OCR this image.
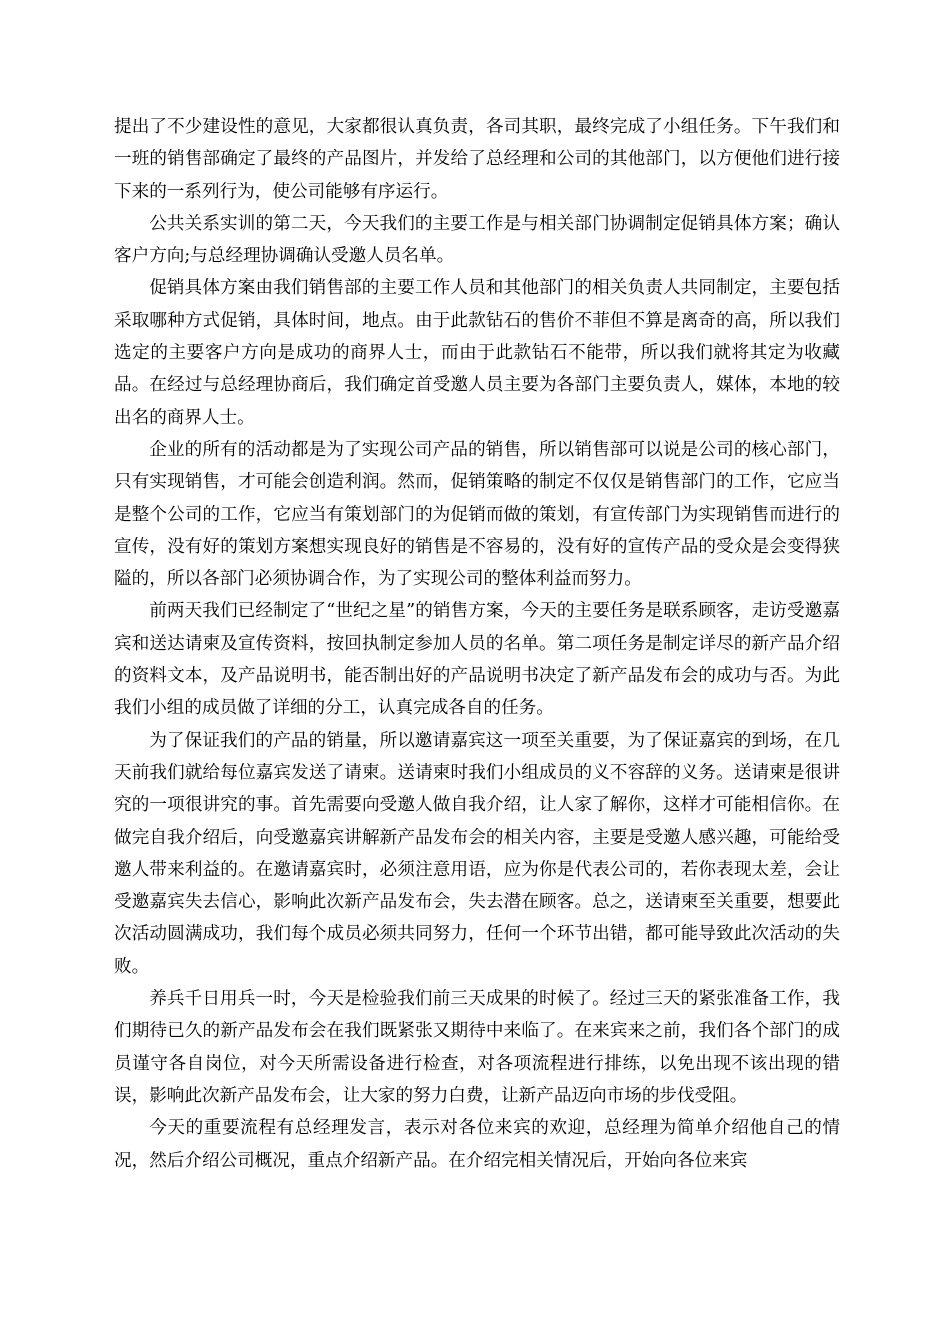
提出了不少建设性的意见，大家都很认真负责，各司其职，最终完成了小组任务。下午我们和一班的销售部确定了最终的产品图片，并发给了总经理和公司的其他部门，以方便他们进行接下来的一系列行为，使公司能够有序运行。

公共关系实训的第二天，今天我们的主要工作是与相关部门协调制定促销具体方案；确认客户方向;与总经理协调确认受邀人员名单。

促销具体方案由我们销售部的主要工作人员和其他部门的相关负责人共同制定，主要包括采取哪种方式促销，具体时间，地点。由于此款钻石的售价不菲但不算是离奇的高，所以我们选定的主要客户方向是成功的商界人士，而由于此款钻石不能带，所以我们就将其定为收藏品。在经过与总经理协商后，我们确定首受邀人员主要为各部门主要负责人，媒体，本地的较出名的商界人士。

企业的所有的活动都是为了实现公司产品的销售，所以销售部可以说是公司的核心部门，只有实现销售，才可能会创造利润。然而，促销策略的制定不仅仅是销售部门的工作，它应当是整个公司的工作，它应当有策划部门的为促销而做的策划，有宣传部门为实现销售而进行的宣传，没有好的策划方案想实现良好的销售是不容易的，没有好的宣传产品的受众是会变得狭隘的，所以各部门必须协调合作，为了实现公司的整体利益而努力。

前两天我们已经制定了“世纪之星”的销售方案，今天的主要任务是联系顾客，走访受邀嘉宾和送达请柬及宣传资料，按回执制定参加人员的名单。第二项任务是制定详尽的新产品介绍的资料文本，及产品说明书，能否制出好的产品说明书决定了新产品发布会的成功与否。为此我们小组的成员做了详细的分工，认真完成各自的任务。

为了保证我们的产品的销量，所以邀请嘉宾这一项至关重要，为了保证嘉宾的到场，在几天前我们就给每位嘉宾发送了请柬。送请柬时我们小组成员的义不容辞的义务。送请柬是很讲究的一项很讲究的事。首先需要向受邀人做自我介绍，让人家了解你，这样才可能相信你。在做完自我介绍后，向受邀嘉宾讲解新产品发布会的相关内容，主要是受邀人感兴趣，可能给受邀人带来利益的。在邀请嘉宾时，必须注意用语，应为你是代表公司的，若你表现太差，会让受邀嘉宾失去信心，影响此次新产品发布会，失去潜在顾客。总之，送请柬至关重要，想要此次活动圆满成功，我们每个成员必须共同努力，任何一个环节出错，都可能导致此次活动的失败。

养兵千日用兵一时，今天是检验我们前三天成果的时候了。经过三天的紧张准备工作，我们期待已久的新产品发布会在我们既紧张又期待中来临了。在来宾来之前，我们各个部门的成员谨守各自岗位，对今天所需设备进行检查，对各项流程进行排练，以免出现不该出现的错误，影响此次新产品发布会，让大家的努力白费，让新产品迈向市场的步伐受阻。

今天的重要流程有总经理发言，表示对各位来宾的欢迎，总经理为简单介绍他自己的情况，然后介绍公司概况，重点介绍新产品。在介绍完相关情况后，开始向各位来宾
